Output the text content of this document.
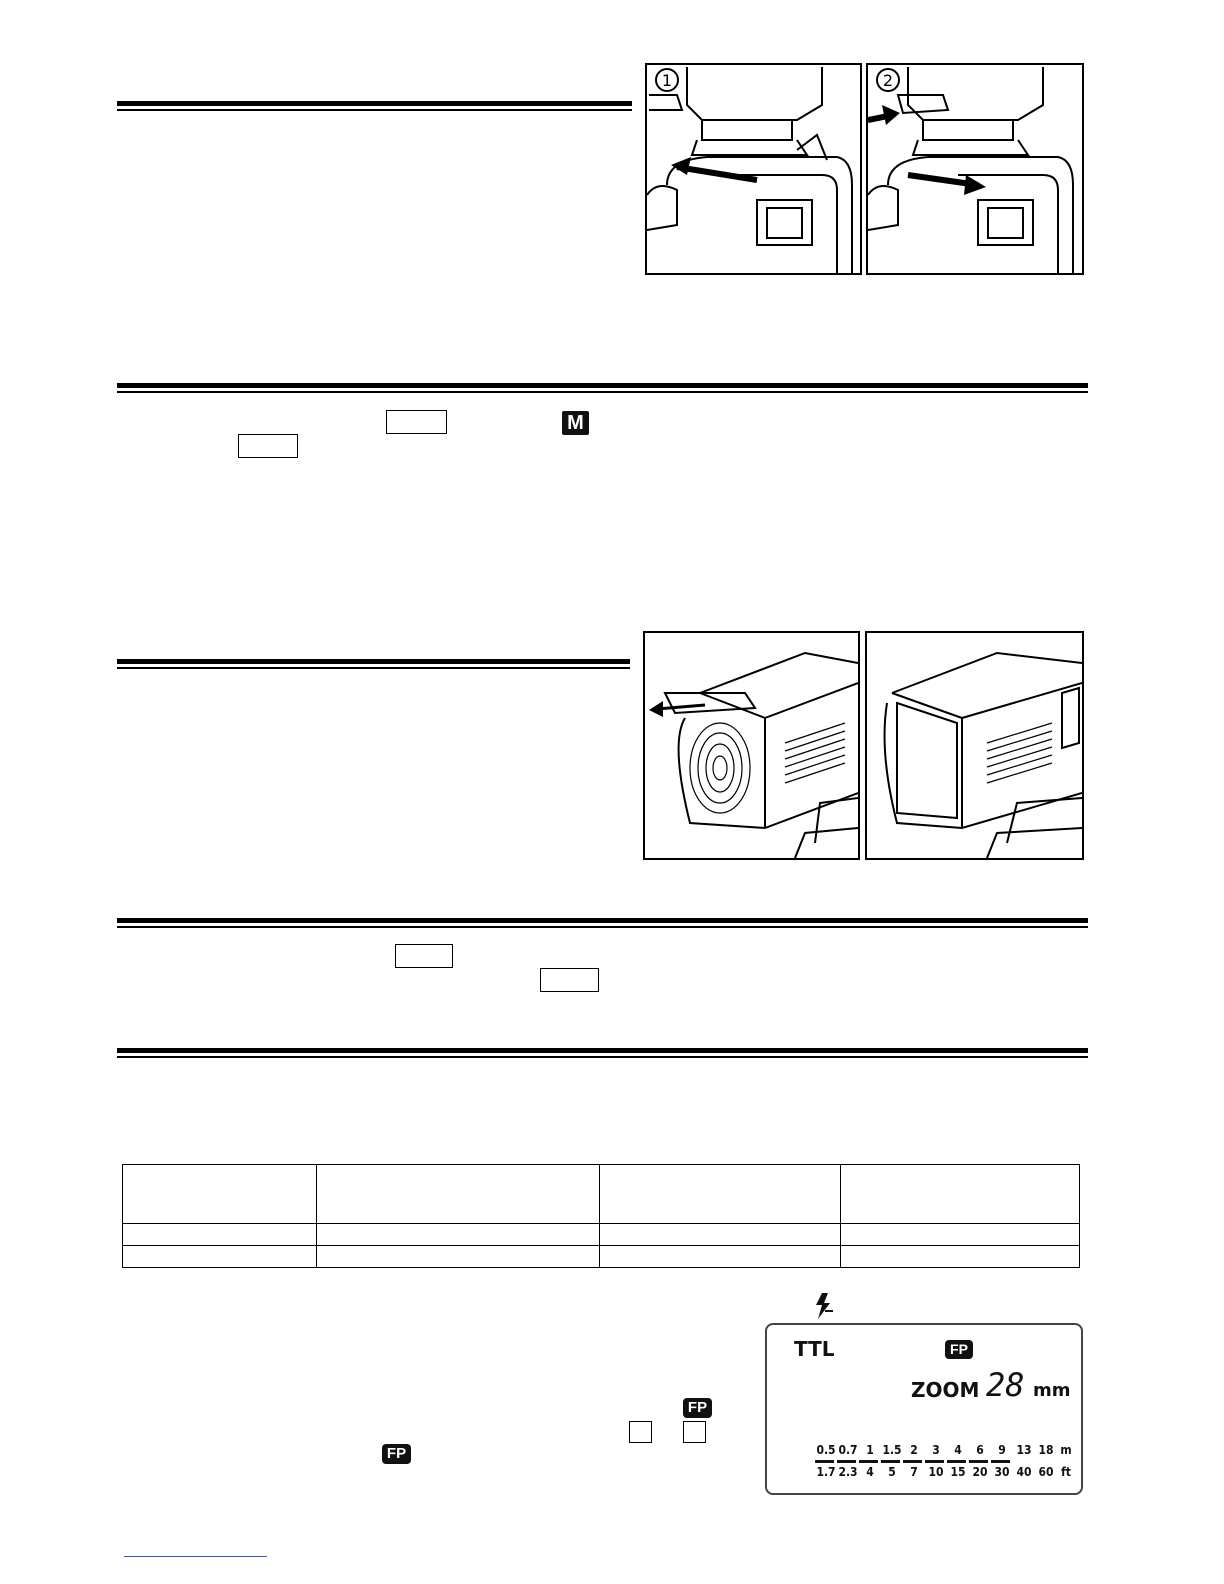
1	2
M

FP
FP
TTL	FP
ZOOM 28 mm
0.5 0.7 1 1.5 2	3	4	6	9 13 18 m
1.7 2.3 4	5	7 10 15 20 30 40 60 ft
